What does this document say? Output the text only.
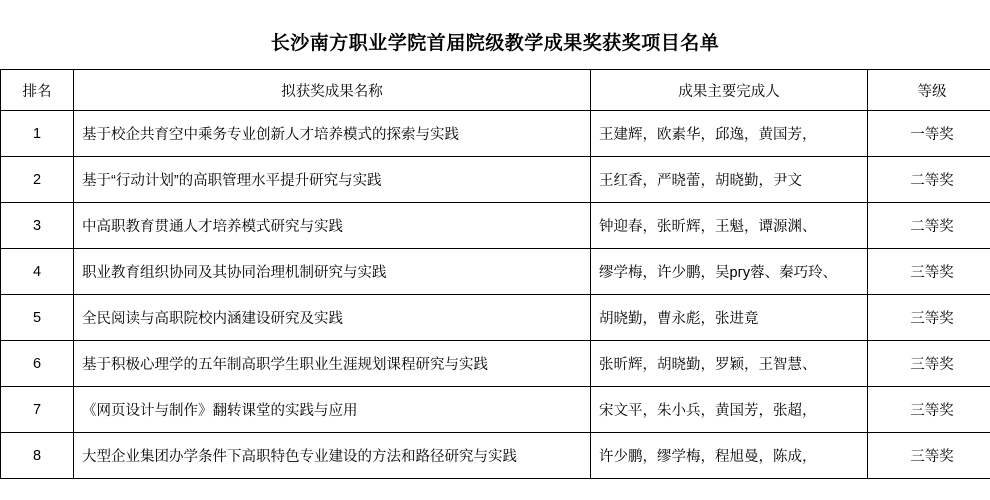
长沙南方职业学院首届院级教学成果奖获奖项目名单
排名	拟获奖成果名称	成果主要完成人	等级
1	基于校企共育空中乘务专业创新人才培养模式的探索与实践	王建辉，欧素华，邱逸，黄国芳，	一等奖
2	基于“行动计划”的高职管理水平提升研究与实践	王红香，严晓蕾，胡晓勤，尹文	二等奖
3	中高职教育贯通人才培养模式研究与实践	钟迎春，张昕辉，王魁，谭源渊、	二等奖
4	职业教育组织协同及其协同治理机制研究与实践	缪学梅，许少鹏，吴ргу蓉、秦巧玲、	三等奖
5	全民阅读与高职院校内涵建设研究及实践	胡晓勤，曹永彪，张进竟	三等奖
6	基于积极心理学的五年制高职学生职业生涯规划课程研究与实践	张昕辉，胡晓勤，罗颖，王智慧、	三等奖
7	《网页设计与制作》翻转课堂的实践与应用	宋文平，朱小兵，黄国芳，张超，	三等奖
8	大型企业集团办学条件下高职特色专业建设的方法和路径研究与实践	许少鹏，缪学梅，程旭曼，陈成，	三等奖
